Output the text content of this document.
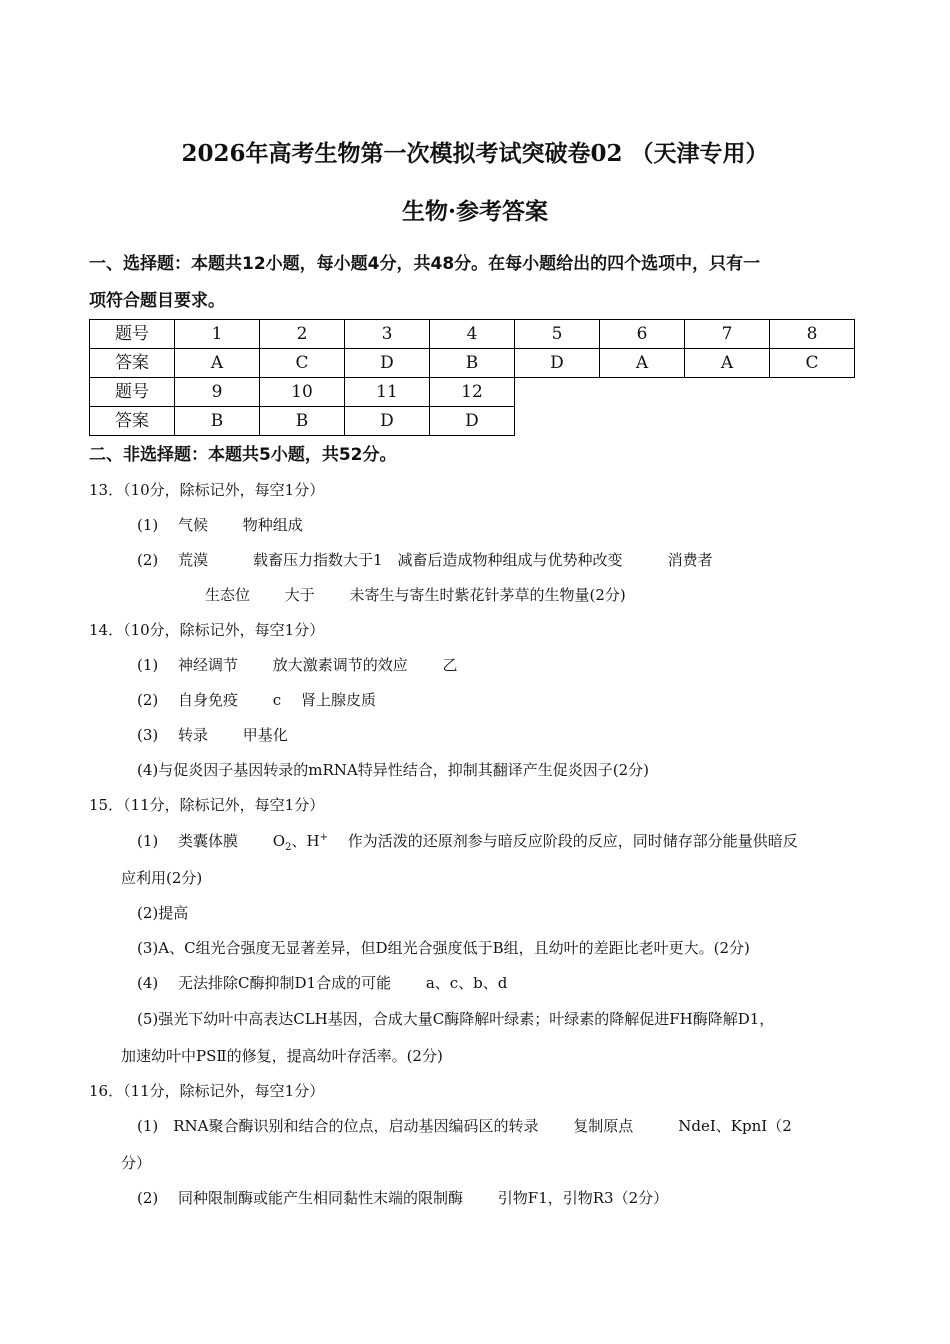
2026年高考生物第一次模拟考试突破卷02 （天津专用）
生物·参考答案
一、选择题：本题共12小题，每小题4分，共48分。在每小题给出的四个选项中，只有一
项符合题目要求。
题号	1	2	3	4	5	6	7	8
答案	A	C	D	B	D	A	A	C
题号	9	10	11	12				
答案	B	B	D	D				
二、非选择题：本题共5小题，共52分。
13．（10分，除标记外，每空1分）
(1)　 气候　　 物种组成
(2)　 荒漠　　　载畜压力指数大于1　减畜后造成物种组成与优势种改变　　　消费者
生态位　　 大于　　 未寄生与寄生时紫花针茅草的生物量(2分)
14．（10分，除标记外，每空1分）
(1)　 神经调节　　 放大激素调节的效应　　 乙
(2)　 自身免疫　　 c　 肾上腺皮质
(3)　 转录　　 甲基化
(4)与促炎因子基因转录的mRNA特异性结合，抑制其翻译产生促炎因子(2分)
15．（11分，除标记外，每空1分）
(1)　 类囊体膜　　 $O_2$、H+　 作为活泼的还原剂参与暗反应阶段的反应，同时储存部分能量供暗反
应利用(2分)
(2)提高
(3)A、C组光合强度无显著差异，但D组光合强度低于B组，且幼叶的差距比老叶更大。(2分)
(4)　 无法排除C酶抑制D1合成的可能　　 a、c、b、d
(5)强光下幼叶中高表达CLH基因，合成大量C酶降解叶绿素；叶绿素的降解促进FH酶降解D1，
加速幼叶中PSⅡ的修复，提高幼叶存活率。(2分)
16．（11分，除标记外，每空1分）
(1)　RNA聚合酶识别和结合的位点，启动基因编码区的转录　　 复制原点　　　NdeI、KpnI（2
分）
(2)　 同种限制酶或能产生相同黏性末端的限制酶　　 引物F1，引物R3（2分）
